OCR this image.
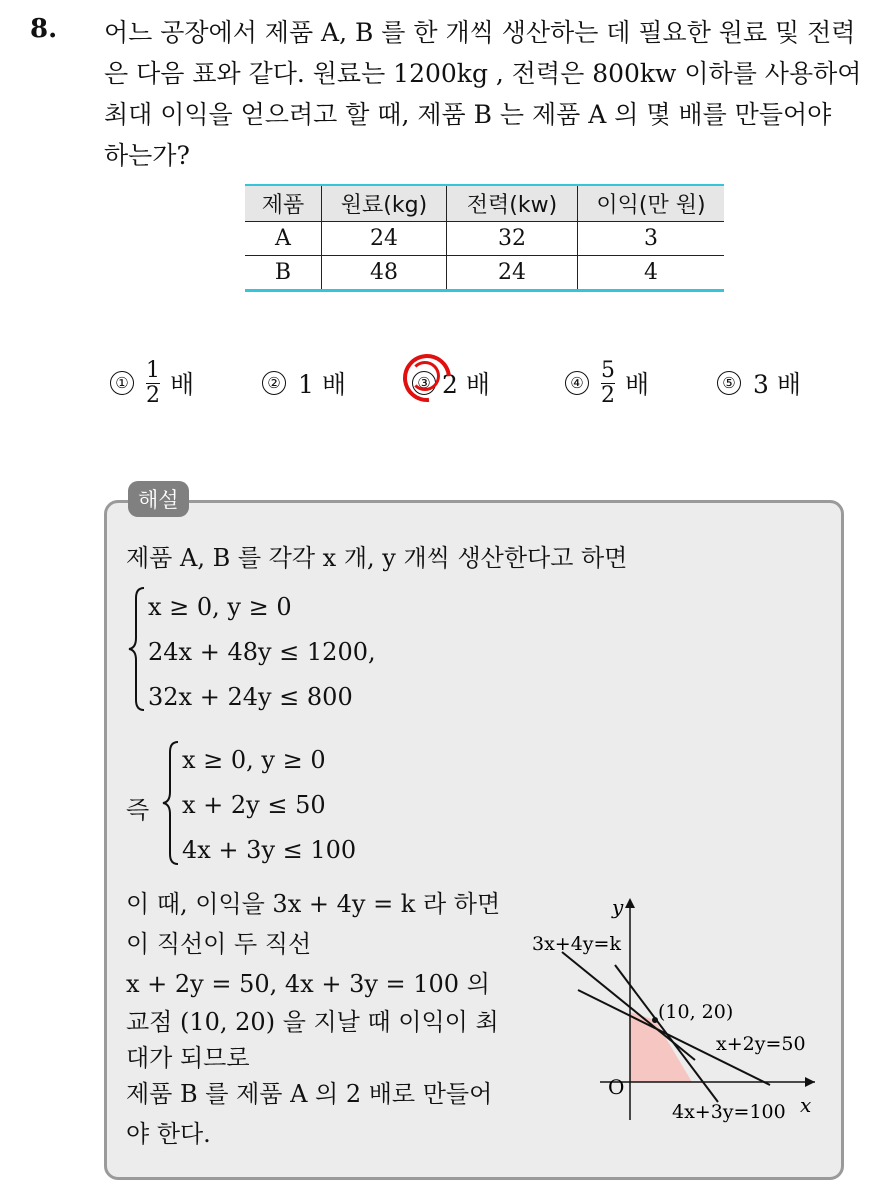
8. 어느 공장에서 제품 A, B 를 한 개씩 생산하는 데 필요한 원료 및 전력
은 다음 표와 같다. 원료는 1200kg , 전력은 800kw 이하를 사용하여
최대 이익을 얻으려고 할 때, 제품 B 는 제품 A 의 몇 배를 만들어야
하는가?
제품	원료(kg)	전력(kw)	이익(만 원)
A	24	32	3
B	48	24	4
① $\frac{1}{2}$ 배	② 1 배	③ 2 배	④ $\frac{5}{2}$ 배	⑤ 3 배
해설
제품 A, B 를 각각 x 개, y 개씩 생산한다고 하면
x ≥ 0, y ≥ 0
24x + 48y ≤ 1200,
32x + 24y ≤ 800
즉
x ≥ 0, y ≥ 0
x + 2y ≤ 50
4x + 3y ≤ 100
이 때, 이익을 3x + 4y = k 라 하면
이 직선이 두 직선
x + 2y = 50, 4x + 3y = 100 의
교점 (10, 20) 을 지날 때 이익이 최
대가 되므로
제품 B 를 제품 A 의 2 배로 만들어
야 한다.
y
x
O
3x+4y=k
(10, 20)
x+2y=50
4x+3y=100
